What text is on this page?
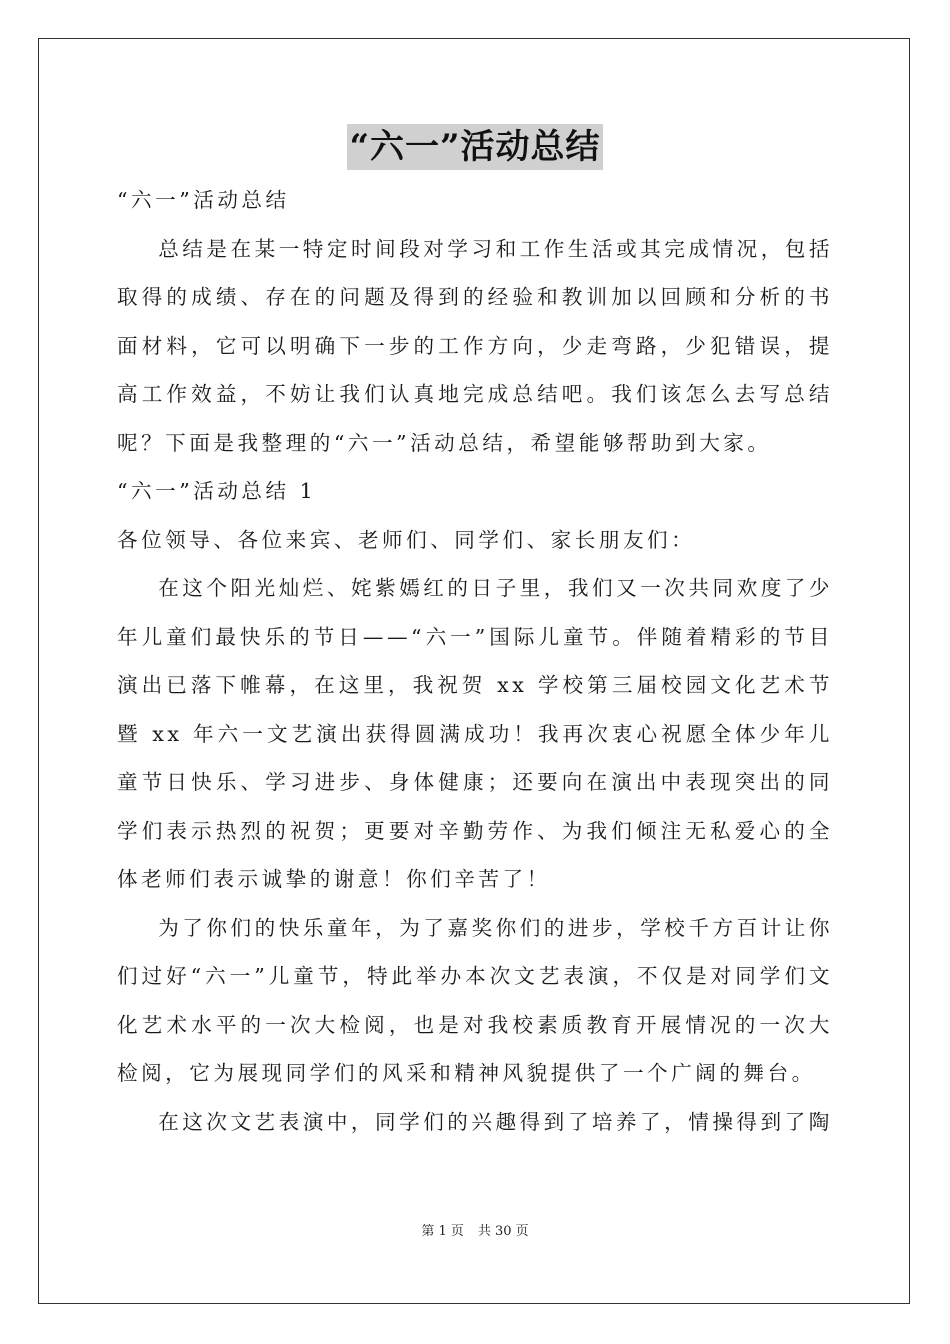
“六一”活动总结

“六一”活动总结

总结是在某一特定时间段对学习和工作生活或其完成情况，包括取得的成绩、存在的问题及得到的经验和教训加以回顾和分析的书面材料，它可以明确下一步的工作方向，少走弯路，少犯错误，提高工作效益，不妨让我们认真地完成总结吧。我们该怎么去写总结呢？下面是我整理的“六一”活动总结，希望能够帮助到大家。

“六一”活动总结 1

各位领导、各位来宾、老师们、同学们、家长朋友们：

在这个阳光灿烂、姹紫嫣红的日子里，我们又一次共同欢度了少年儿童们最快乐的节日——“六一”国际儿童节。伴随着精彩的节目演出已落下帷幕，在这里，我祝贺 xx 学校第三届校园文化艺术节暨 xx 年六一文艺演出获得圆满成功！我再次衷心祝愿全体少年儿童节日快乐、学习进步、身体健康；还要向在演出中表现突出的同学们表示热烈的祝贺；更要对辛勤劳作、为我们倾注无私爱心的全体老师们表示诚挚的谢意！你们辛苦了！

为了你们的快乐童年，为了嘉奖你们的进步，学校千方百计让你们过好“六一”儿童节，特此举办本次文艺表演，不仅是对同学们文化艺术水平的一次大检阅，也是对我校素质教育开展情况的一次大检阅，它为展现同学们的风采和精神风貌提供了一个广阔的舞台。

在这次文艺表演中，同学们的兴趣得到了培养了，情操得到了陶

第 1 页 共 30 页
